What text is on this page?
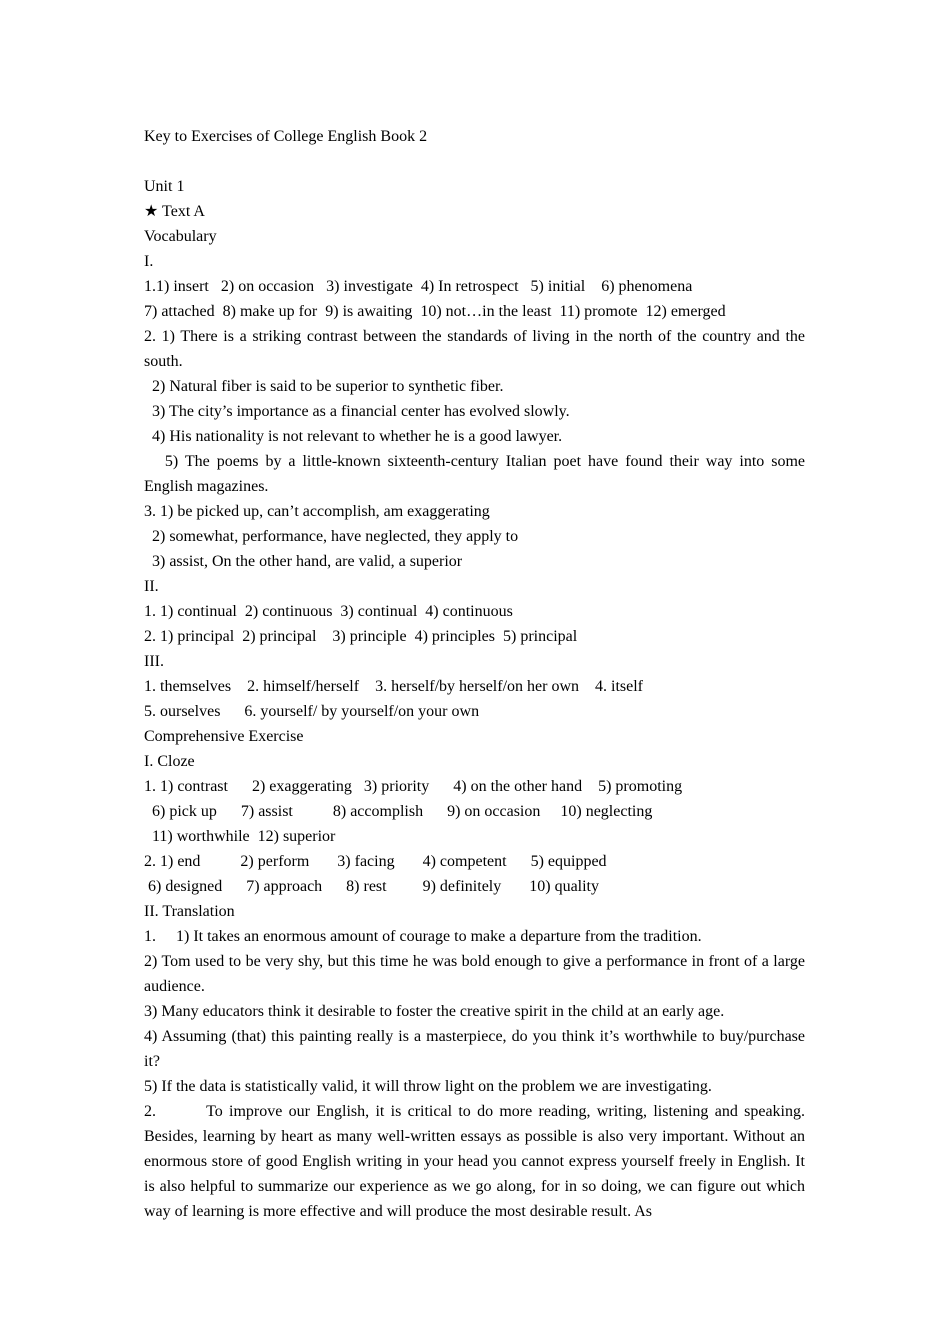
Key to Exercises of College English Book 2
Unit 1
★ Text A
Vocabulary
I.
1.1) insert   2) on occasion   3) investigate  4) In retrospect   5) initial    6) phenomena
7) attached  8) make up for  9) is awaiting  10) not…in the least  11) promote  12) emerged
2. 1) There is a striking contrast between the standards of living in the north of the country and the south.
2) Natural fiber is said to be superior to synthetic fiber.
3) The city’s importance as a financial center has evolved slowly.
4) His nationality is not relevant to whether he is a good lawyer.
5) The poems by a little-known sixteenth-century Italian poet have found their way into some English magazines.
3. 1) be picked up, can’t accomplish, am exaggerating
2) somewhat, performance, have neglected, they apply to
3) assist, On the other hand, are valid, a superior
II.
1. 1) continual  2) continuous  3) continual  4) continuous
2. 1) principal  2) principal    3) principle  4) principles  5) principal
III.
1. themselves    2. himself/herself    3. herself/by herself/on her own    4. itself
5. ourselves      6. yourself/ by yourself/on your own
Comprehensive Exercise
I. Cloze
1. 1) contrast      2) exaggerating   3) priority      4) on the other hand    5) promoting
6) pick up      7) assist          8) accomplish      9) on occasion     10) neglecting
11) worthwhile  12) superior
2. 1) end          2) perform       3) facing       4) competent      5) equipped
6) designed      7) approach      8) rest         9) definitely       10) quality
II. Translation
1.     1) It takes an enormous amount of courage to make a departure from the tradition.
2) Tom used to be very shy, but this time he was bold enough to give a performance in front of a large audience.
3) Many educators think it desirable to foster the creative spirit in the child at an early age.
4) Assuming (that) this painting really is a masterpiece, do you think it’s worthwhile to buy/purchase it?
5) If the data is statistically valid, it will throw light on the problem we are investigating.
2.        To improve our English, it is critical to do more reading, writing, listening and speaking. Besides, learning by heart as many well-written essays as possible is also very important. Without an enormous store of good English writing in your head you cannot express yourself freely in English. It is also helpful to summarize our experience as we go along, for in so doing, we can figure out which way of learning is more effective and will produce the most desirable result. As
